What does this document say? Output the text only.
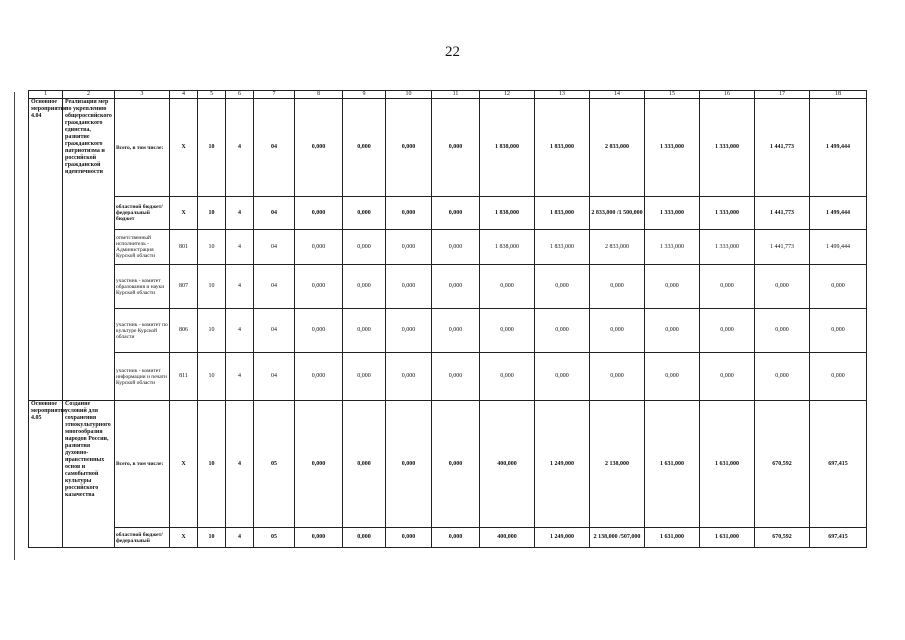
22
1	2	3	4	5	6	7	8	9	10	11	12	13	14	15	16	17	18
Основное мероприятие 4.04	Реализация мер по укреплению общероссийского гражданского единства, развитие гражданского патриотизма и российской гражданской идентичности	Всего, в том числе:	X	10	4	04	0,000	0,000	0,000	0,000	1 838,000	1 833,000	2 833,000	1 333,000	1 333,000	1 441,773	1 499,444
		областной бюджет/ федеральный бюджет	X	10	4	04	0,000	0,000	0,000	0,000	1 838,000	1 833,000	2 833,000 /1 500,000	1 333,000	1 333,000	1 441,773	1 499,444
		ответственный исполнитель - Администрация Курской области	801	10	4	04	0,000	0,000	0,000	0,000	1 838,000	1 833,000	2 833,000	1 333,000	1 333,000	1 441,773	1 499,444
		участник - комитет образования и науки Курской области	807	10	4	04	0,000	0,000	0,000	0,000	0,000	0,000	0,000	0,000	0,000	0,000	0,000
		участник - комитет по культуре Курской области	806	10	4	04	0,000	0,000	0,000	0,000	0,000	0,000	0,000	0,000	0,000	0,000	0,000
		участник - комитет информации и печати Курской области	811	10	4	04	0,000	0,000	0,000	0,000	0,000	0,000	0,000	0,000	0,000	0,000	0,000
Основное мероприятие 4.05	Создание условий для сохранения этнокультурного многообразия народов России, развития духовно-нравственных основ и самобытной культуры российского казачества	Всего, в том числе:	X	10	4	05	0,000	0,000	0,000	0,000	400,000	1 249,000	2 138,000	1 631,000	1 631,000	670,592	697,415
		областной бюджет/ федеральный	X	10	4	05	0,000	0,000	0,000	0,000	400,000	1 249,000	2 138,000 /507,000	1 631,000	1 631,000	670,592	697,415
